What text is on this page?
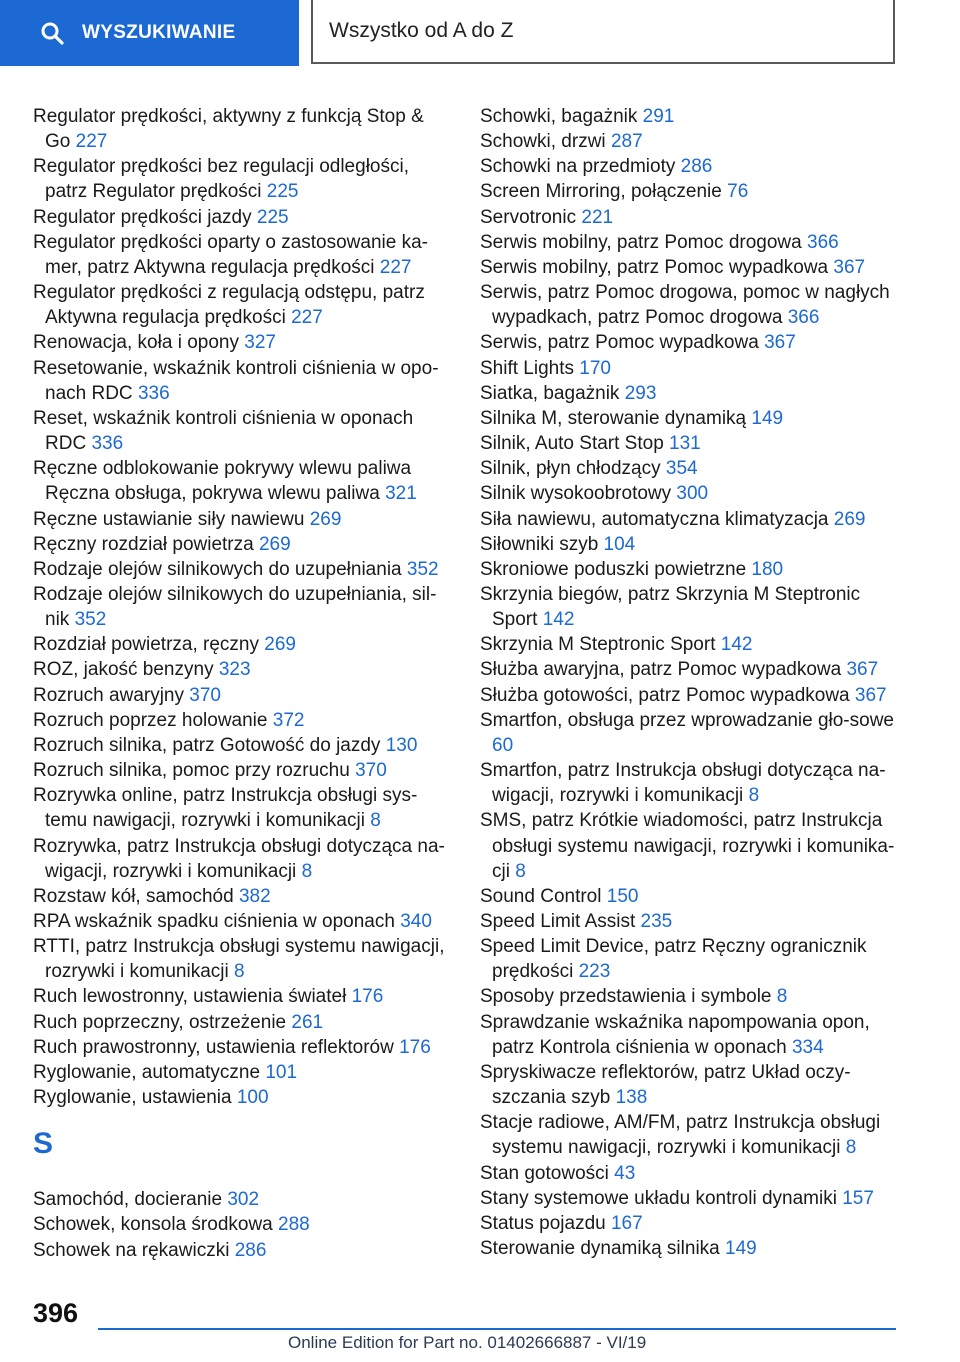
WYSZUKIWANIE	Wszystko od A do Z

Regulator prędkości, aktywny z funkcją Stop & Go 227

Regulator prędkości bez regulacji odległości, patrz Regulator prędkości 225

Regulator prędkości jazdy 225

Regulator prędkości oparty o zastosowanie ka-mer, patrz Aktywna regulacja prędkości 227

Regulator prędkości z regulacją odstępu, patrz Aktywna regulacja prędkości 227

Renowacja, koła i opony 327

Resetowanie, wskaźnik kontroli ciśnienia w opo-nach RDC 336

Reset, wskaźnik kontroli ciśnienia w oponach RDC 336

Ręczne odblokowanie pokrywy wlewu paliwa Ręczna obsługa, pokrywa wlewu paliwa 321

Ręczne ustawianie siły nawiewu 269

Ręczny rozdział powietrza 269

Rodzaje olejów silnikowych do uzupełniania 352

Rodzaje olejów silnikowych do uzupełniania, sil-nik 352

Rozdział powietrza, ręczny 269

ROZ, jakość benzyny 323

Rozruch awaryjny 370

Rozruch poprzez holowanie 372

Rozruch silnika, patrz Gotowość do jazdy 130

Rozruch silnika, pomoc przy rozruchu 370

Rozrywka online, patrz Instrukcja obsługi sys-temu nawigacji, rozrywki i komunikacji 8

Rozrywka, patrz Instrukcja obsługi dotycząca na-wigacji, rozrywki i komunikacji 8

Rozstaw kół, samochód 382

RPA wskaźnik spadku ciśnienia w oponach 340

RTTI, patrz Instrukcja obsługi systemu nawigacji, rozrywki i komunikacji 8

Ruch lewostronny, ustawienia świateł 176

Ruch poprzeczny, ostrzeżenie 261

Ruch prawostronny, ustawienia reflektorów 176

Ryglowanie, automatyczne 101

Ryglowanie, ustawienia 100

S

Samochód, docieranie 302

Schowek, konsola środkowa 288

Schowek na rękawiczki 286

Schowki, bagażnik 291

Schowki, drzwi 287

Schowki na przedmioty 286

Screen Mirroring, połączenie 76

Servotronic 221

Serwis mobilny, patrz Pomoc drogowa 366

Serwis mobilny, patrz Pomoc wypadkowa 367

Serwis, patrz Pomoc drogowa, pomoc w nagłych wypadkach, patrz Pomoc drogowa 366

Serwis, patrz Pomoc wypadkowa 367

Shift Lights 170

Siatka, bagażnik 293

Silnika M, sterowanie dynamiką 149

Silnik, Auto Start Stop 131

Silnik, płyn chłodzący 354

Silnik wysokoobrotowy 300

Siła nawiewu, automatyczna klimatyzacja 269

Siłowniki szyb 104

Skroniowe poduszki powietrzne 180

Skrzynia biegów, patrz Skrzynia M Steptronic Sport 142

Skrzynia M Steptronic Sport 142

Służba awaryjna, patrz Pomoc wypadkowa 367

Służba gotowości, patrz Pomoc wypadkowa 367

Smartfon, obsługa przez wprowadzanie gło-sowe 60

Smartfon, patrz Instrukcja obsługi dotycząca na-wigacji, rozrywki i komunikacji 8

SMS, patrz Krótkie wiadomości, patrz Instrukcja obsługi systemu nawigacji, rozrywki i komunika-cji 8

Sound Control 150

Speed Limit Assist 235

Speed Limit Device, patrz Ręczny ogranicznik prędkości 223

Sposoby przedstawienia i symbole 8

Sprawdzanie wskaźnika napompowania opon, patrz Kontrola ciśnienia w oponach 334

Spryskiwacze reflektorów, patrz Układ oczy-szczania szyb 138

Stacje radiowe, AM/FM, patrz Instrukcja obsługi systemu nawigacji, rozrywki i komunikacji 8

Stan gotowości 43

Stany systemowe układu kontroli dynamiki 157

Status pojazdu 167

Sterowanie dynamiką silnika 149

396
Online Edition for Part no. 01402666887 - VI/19
